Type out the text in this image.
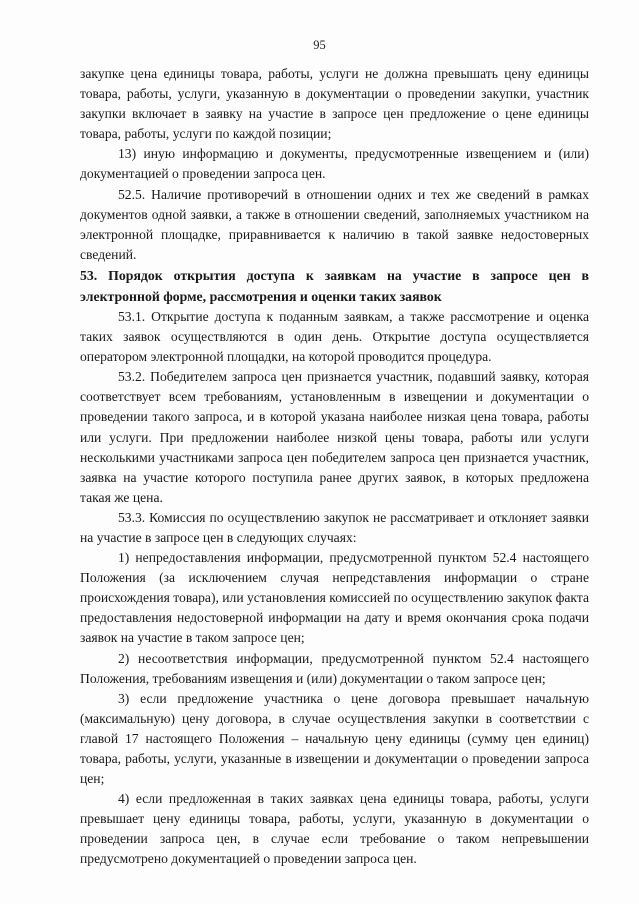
95

закупке цена единицы товара, работы, услуги не должна превышать цену единицы товара, работы, услуги, указанную в документации о проведении закупки, участник закупки включает в заявку на участие в запросе цен предложение о цене единицы товара, работы, услуги по каждой позиции;

13) иную информацию и документы, предусмотренные извещением и (или) документацией о проведении запроса цен.

52.5. Наличие противоречий в отношении одних и тех же сведений в рамках документов одной заявки, а также в отношении сведений, заполняемых участником на электронной площадке, приравнивается к наличию в такой заявке недостоверных сведений.

53. Порядок открытия доступа к заявкам на участие в запросе цен в электронной форме, рассмотрения и оценки таких заявок

53.1. Открытие доступа к поданным заявкам, а также рассмотрение и оценка таких заявок осуществляются в один день. Открытие доступа осуществляется оператором электронной площадки, на которой проводится процедура.

53.2. Победителем запроса цен признается участник, подавший заявку, которая соответствует всем требованиям, установленным в извещении и документации о проведении такого запроса, и в которой указана наиболее низкая цена товара, работы или услуги. При предложении наиболее низкой цены товара, работы или услуги несколькими участниками запроса цен победителем запроса цен признается участник, заявка на участие которого поступила ранее других заявок, в которых предложена такая же цена.

53.3. Комиссия по осуществлению закупок не рассматривает и отклоняет заявки на участие в запросе цен в следующих случаях:

1) непредоставления информации, предусмотренной пунктом 52.4 настоящего Положения (за исключением случая непредставления информации о стране происхождения товара), или установления комиссией по осуществлению закупок факта предоставления недостоверной информации на дату и время окончания срока подачи заявок на участие в таком запросе цен;

2) несоответствия информации, предусмотренной пунктом 52.4 настоящего Положения, требованиям извещения и (или) документации о таком запросе цен;

3) если предложение участника о цене договора превышает начальную (максимальную) цену договора, в случае осуществления закупки в соответствии с главой 17 настоящего Положения – начальную цену единицы (сумму цен единиц) товара, работы, услуги, указанные в извещении и документации о проведении запроса цен;

4) если предложенная в таких заявках цена единицы товара, работы, услуги превышает цену единицы товара, работы, услуги, указанную в документации о проведении запроса цен, в случае если требование о таком непревышении предусмотрено документацией о проведении запроса цен.
